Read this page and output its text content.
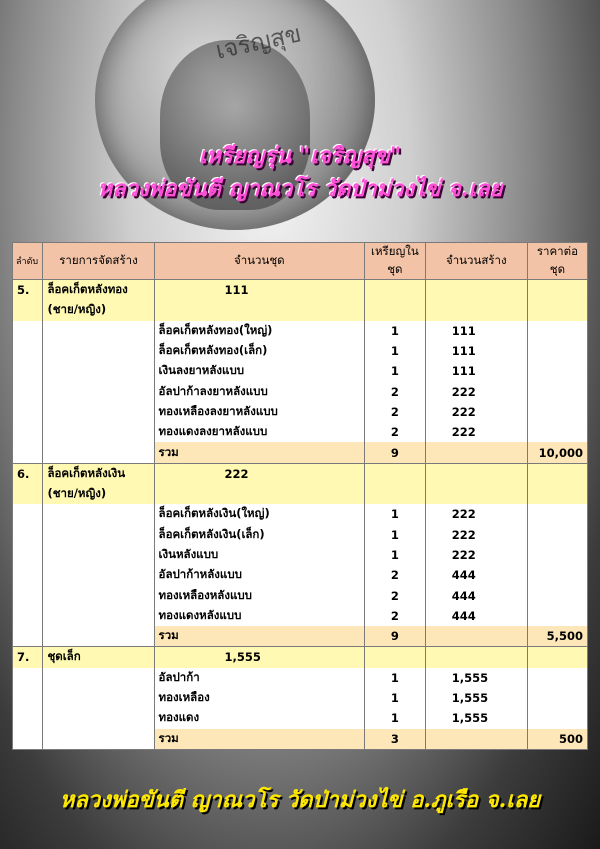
เจริญสุข
เหรียญรุ่น "เจริญสุข"
หลวงพ่อขันตี ญาณวโร วัดป่าม่วงไข่ จ.เลย
ลำดับ	รายการจัดสร้าง	จำนวนชุด	เหรียญในชุด	จำนวนสร้าง	ราคาต่อชุด
5.	ล็อคเก็ตหลังทอง	111			
	(ชาย/หญิง)				
		ล็อคเก็ตหลังทอง(ใหญ่)	1	111	
		ล็อคเก็ตหลังทอง(เล็ก)	1	111	
		เงินลงยาหลังแบบ	1	111	
		อัลปาก้าลงยาหลังแบบ	2	222	
		ทองเหลืองลงยาหลังแบบ	2	222	
		ทองแดงลงยาหลังแบบ	2	222	
		รวม	9		10,000
6.	ล็อคเก็ตหลังเงิน	222			
	(ชาย/หญิง)				
		ล็อคเก็ตหลังเงิน(ใหญ่)	1	222	
		ล็อคเก็ตหลังเงิน(เล็ก)	1	222	
		เงินหลังแบบ	1	222	
		อัลปาก้าหลังแบบ	2	444	
		ทองเหลืองหลังแบบ	2	444	
		ทองแดงหลังแบบ	2	444	
		รวม	9		5,500
7.	ชุดเล็ก	1,555			
		อัลปาก้า	1	1,555	
		ทองเหลือง	1	1,555	
		ทองแดง	1	1,555	
		รวม	3		500
หลวงพ่อขันตี ญาณวโร วัดป่าม่วงไข่ อ.ภูเรือ จ.เลย
